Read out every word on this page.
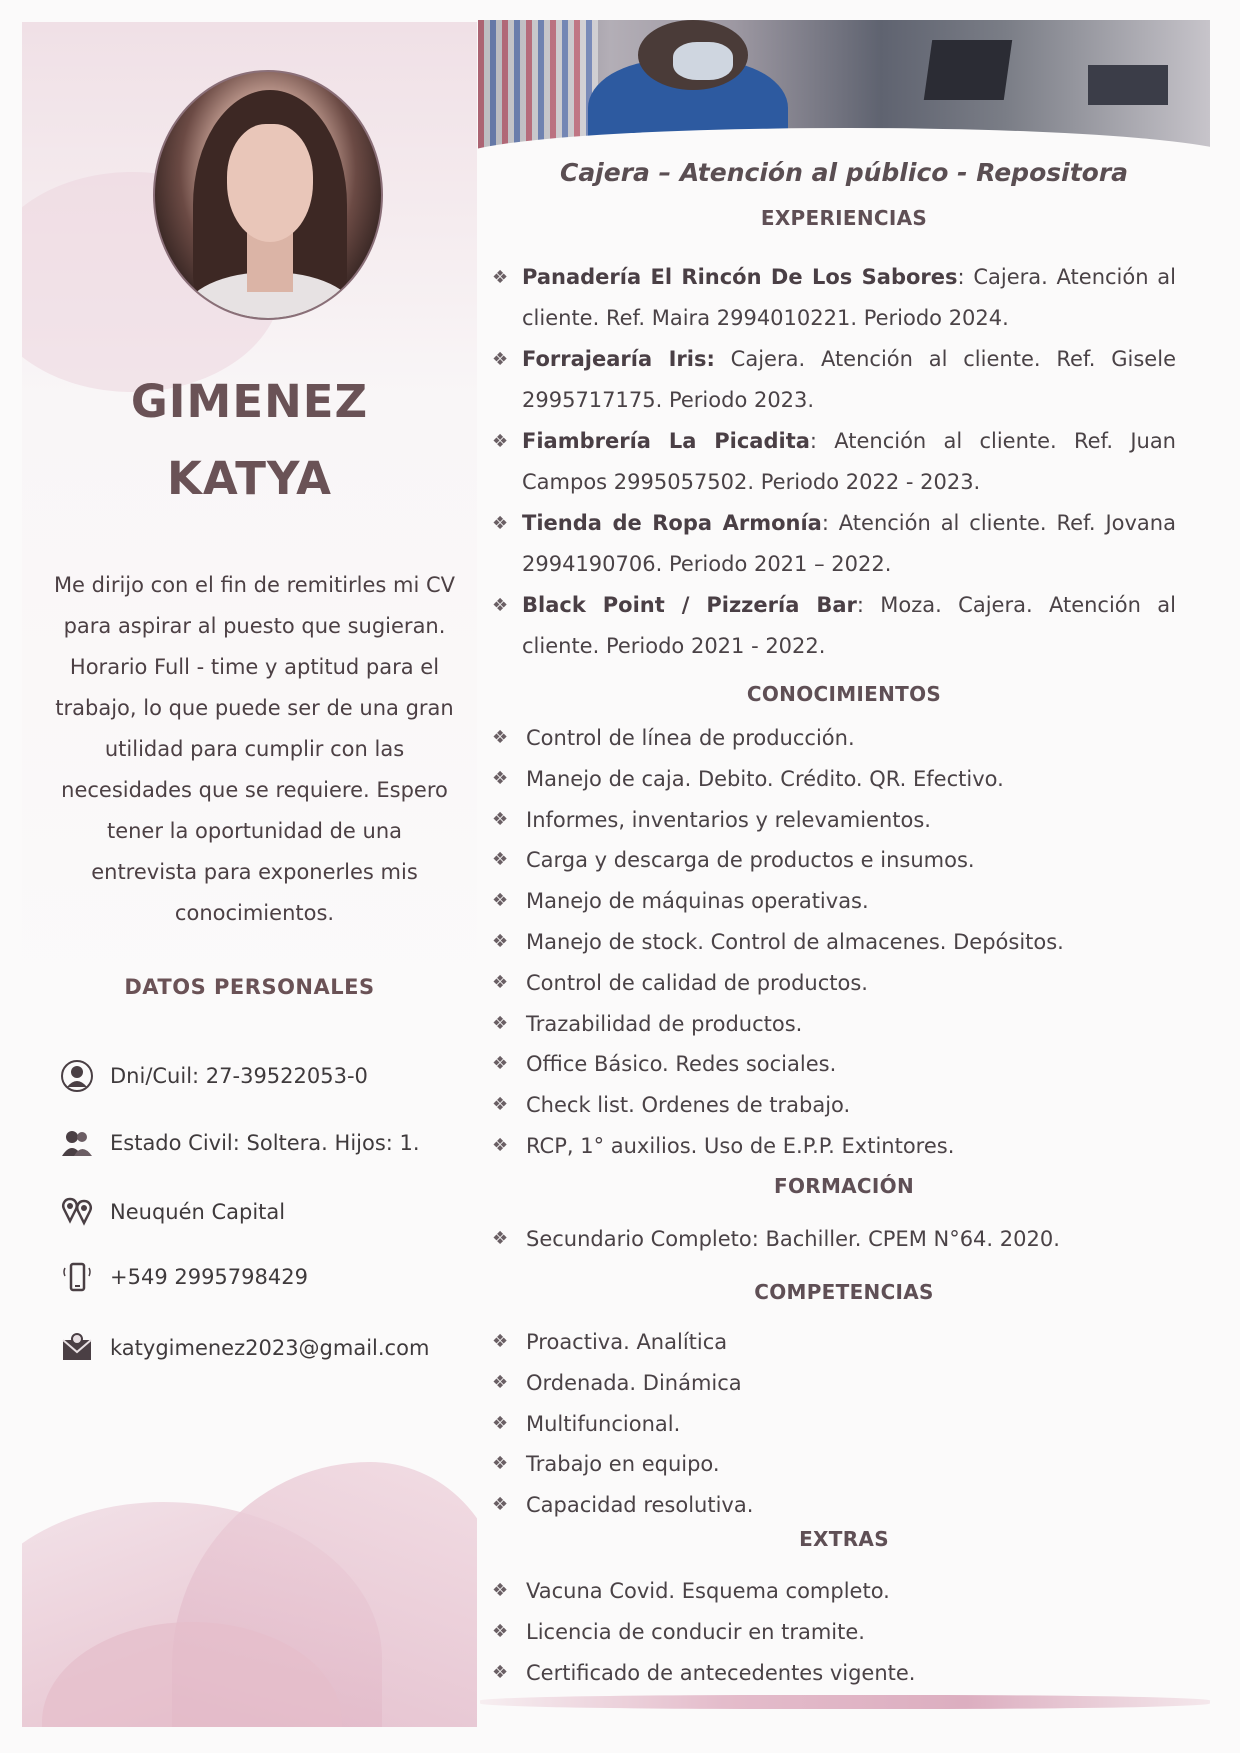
GIMENEZ
KATYA

Me dirijo con el fin de remitirles mi CV para aspirar al puesto que sugieran. Horario Full - time y aptitud para el trabajo, lo que puede ser de una gran utilidad para cumplir con las necesidades que se requiere. Espero tener la oportunidad de una entrevista para exponerles mis conocimientos.

DATOS PERSONALES
Dni/Cuil: 27-39522053-0
Estado Civil: Soltera. Hijos: 1.
Neuquén Capital
+549 2995798429
katygimenez2023@gmail.com
Cajera – Atención al público - Repositora
EXPERIENCIAS
❖ Panadería El Rincón De Los Sabores: Cajera. Atención al cliente. Ref. Maira 2994010221. Periodo 2024.
❖ Forrajearía Iris: Cajera. Atención al cliente. Ref. Gisele 2995717175. Periodo 2023.
❖ Fiambrería La Picadita: Atención al cliente. Ref. Juan Campos 2995057502. Periodo 2022 - 2023.
❖ Tienda de Ropa Armonía: Atención al cliente. Ref. Jovana 2994190706. Periodo 2021 – 2022.
❖ Black Point / Pizzería Bar: Moza. Cajera. Atención al cliente. Periodo 2021 - 2022.
CONOCIMIENTOS
❖ Control de línea de producción.
❖ Manejo de caja. Debito. Crédito. QR. Efectivo.
❖ Informes, inventarios y relevamientos.
❖ Carga y descarga de productos e insumos.
❖ Manejo de máquinas operativas.
❖ Manejo de stock. Control de almacenes. Depósitos.
❖ Control de calidad de productos.
❖ Trazabilidad de productos.
❖ Office Básico. Redes sociales.
❖ Check list. Ordenes de trabajo.
❖ RCP, 1° auxilios. Uso de E.P.P. Extintores.
FORMACIÓN
❖ Secundario Completo: Bachiller. CPEM N°64. 2020.
COMPETENCIAS
❖ Proactiva. Analítica
❖ Ordenada. Dinámica
❖ Multifuncional.
❖ Trabajo en equipo.
❖ Capacidad resolutiva.
EXTRAS
❖ Vacuna Covid. Esquema completo.
❖ Licencia de conducir en tramite.
❖ Certificado de antecedentes vigente.
